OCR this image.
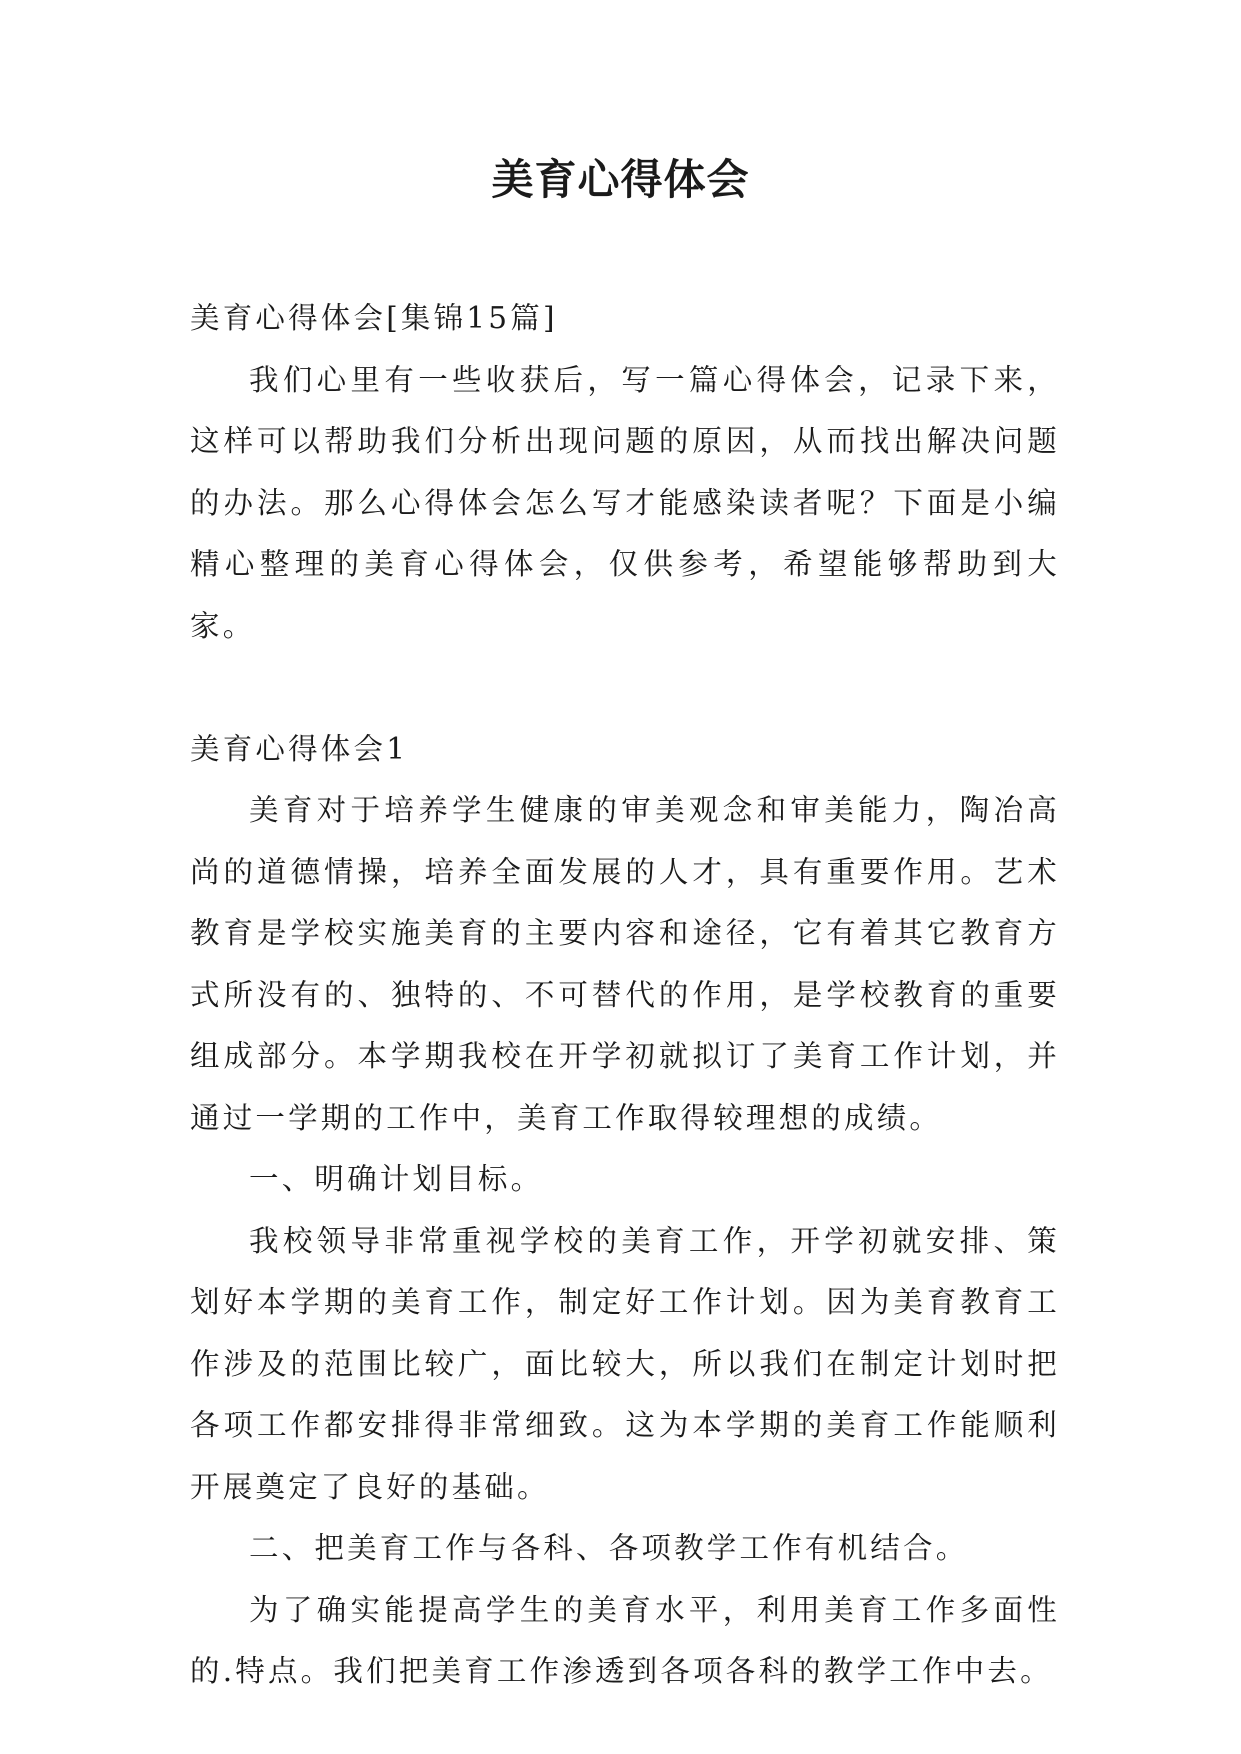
美育心得体会

美育心得体会[集锦15篇]

我们心里有一些收获后，写一篇心得体会，记录下来，这样可以帮助我们分析出现问题的原因，从而找出解决问题的办法。那么心得体会怎么写才能感染读者呢？下面是小编精心整理的美育心得体会，仅供参考，希望能够帮助到大家。

美育心得体会1

美育对于培养学生健康的审美观念和审美能力，陶冶高尚的道德情操，培养全面发展的人才，具有重要作用。艺术教育是学校实施美育的主要内容和途径，它有着其它教育方式所没有的、独特的、不可替代的作用，是学校教育的重要组成部分。本学期我校在开学初就拟订了美育工作计划，并通过一学期的工作中，美育工作取得较理想的成绩。

一、明确计划目标。

我校领导非常重视学校的美育工作，开学初就安排、策划好本学期的美育工作，制定好工作计划。因为美育教育工作涉及的范围比较广，面比较大，所以我们在制定计划时把各项工作都安排得非常细致。这为本学期的美育工作能顺利开展奠定了良好的基础。

二、把美育工作与各科、各项教学工作有机结合。

为了确实能提高学生的美育水平，利用美育工作多面性的.特点。我们把美育工作渗透到各项各科的教学工作中去。
